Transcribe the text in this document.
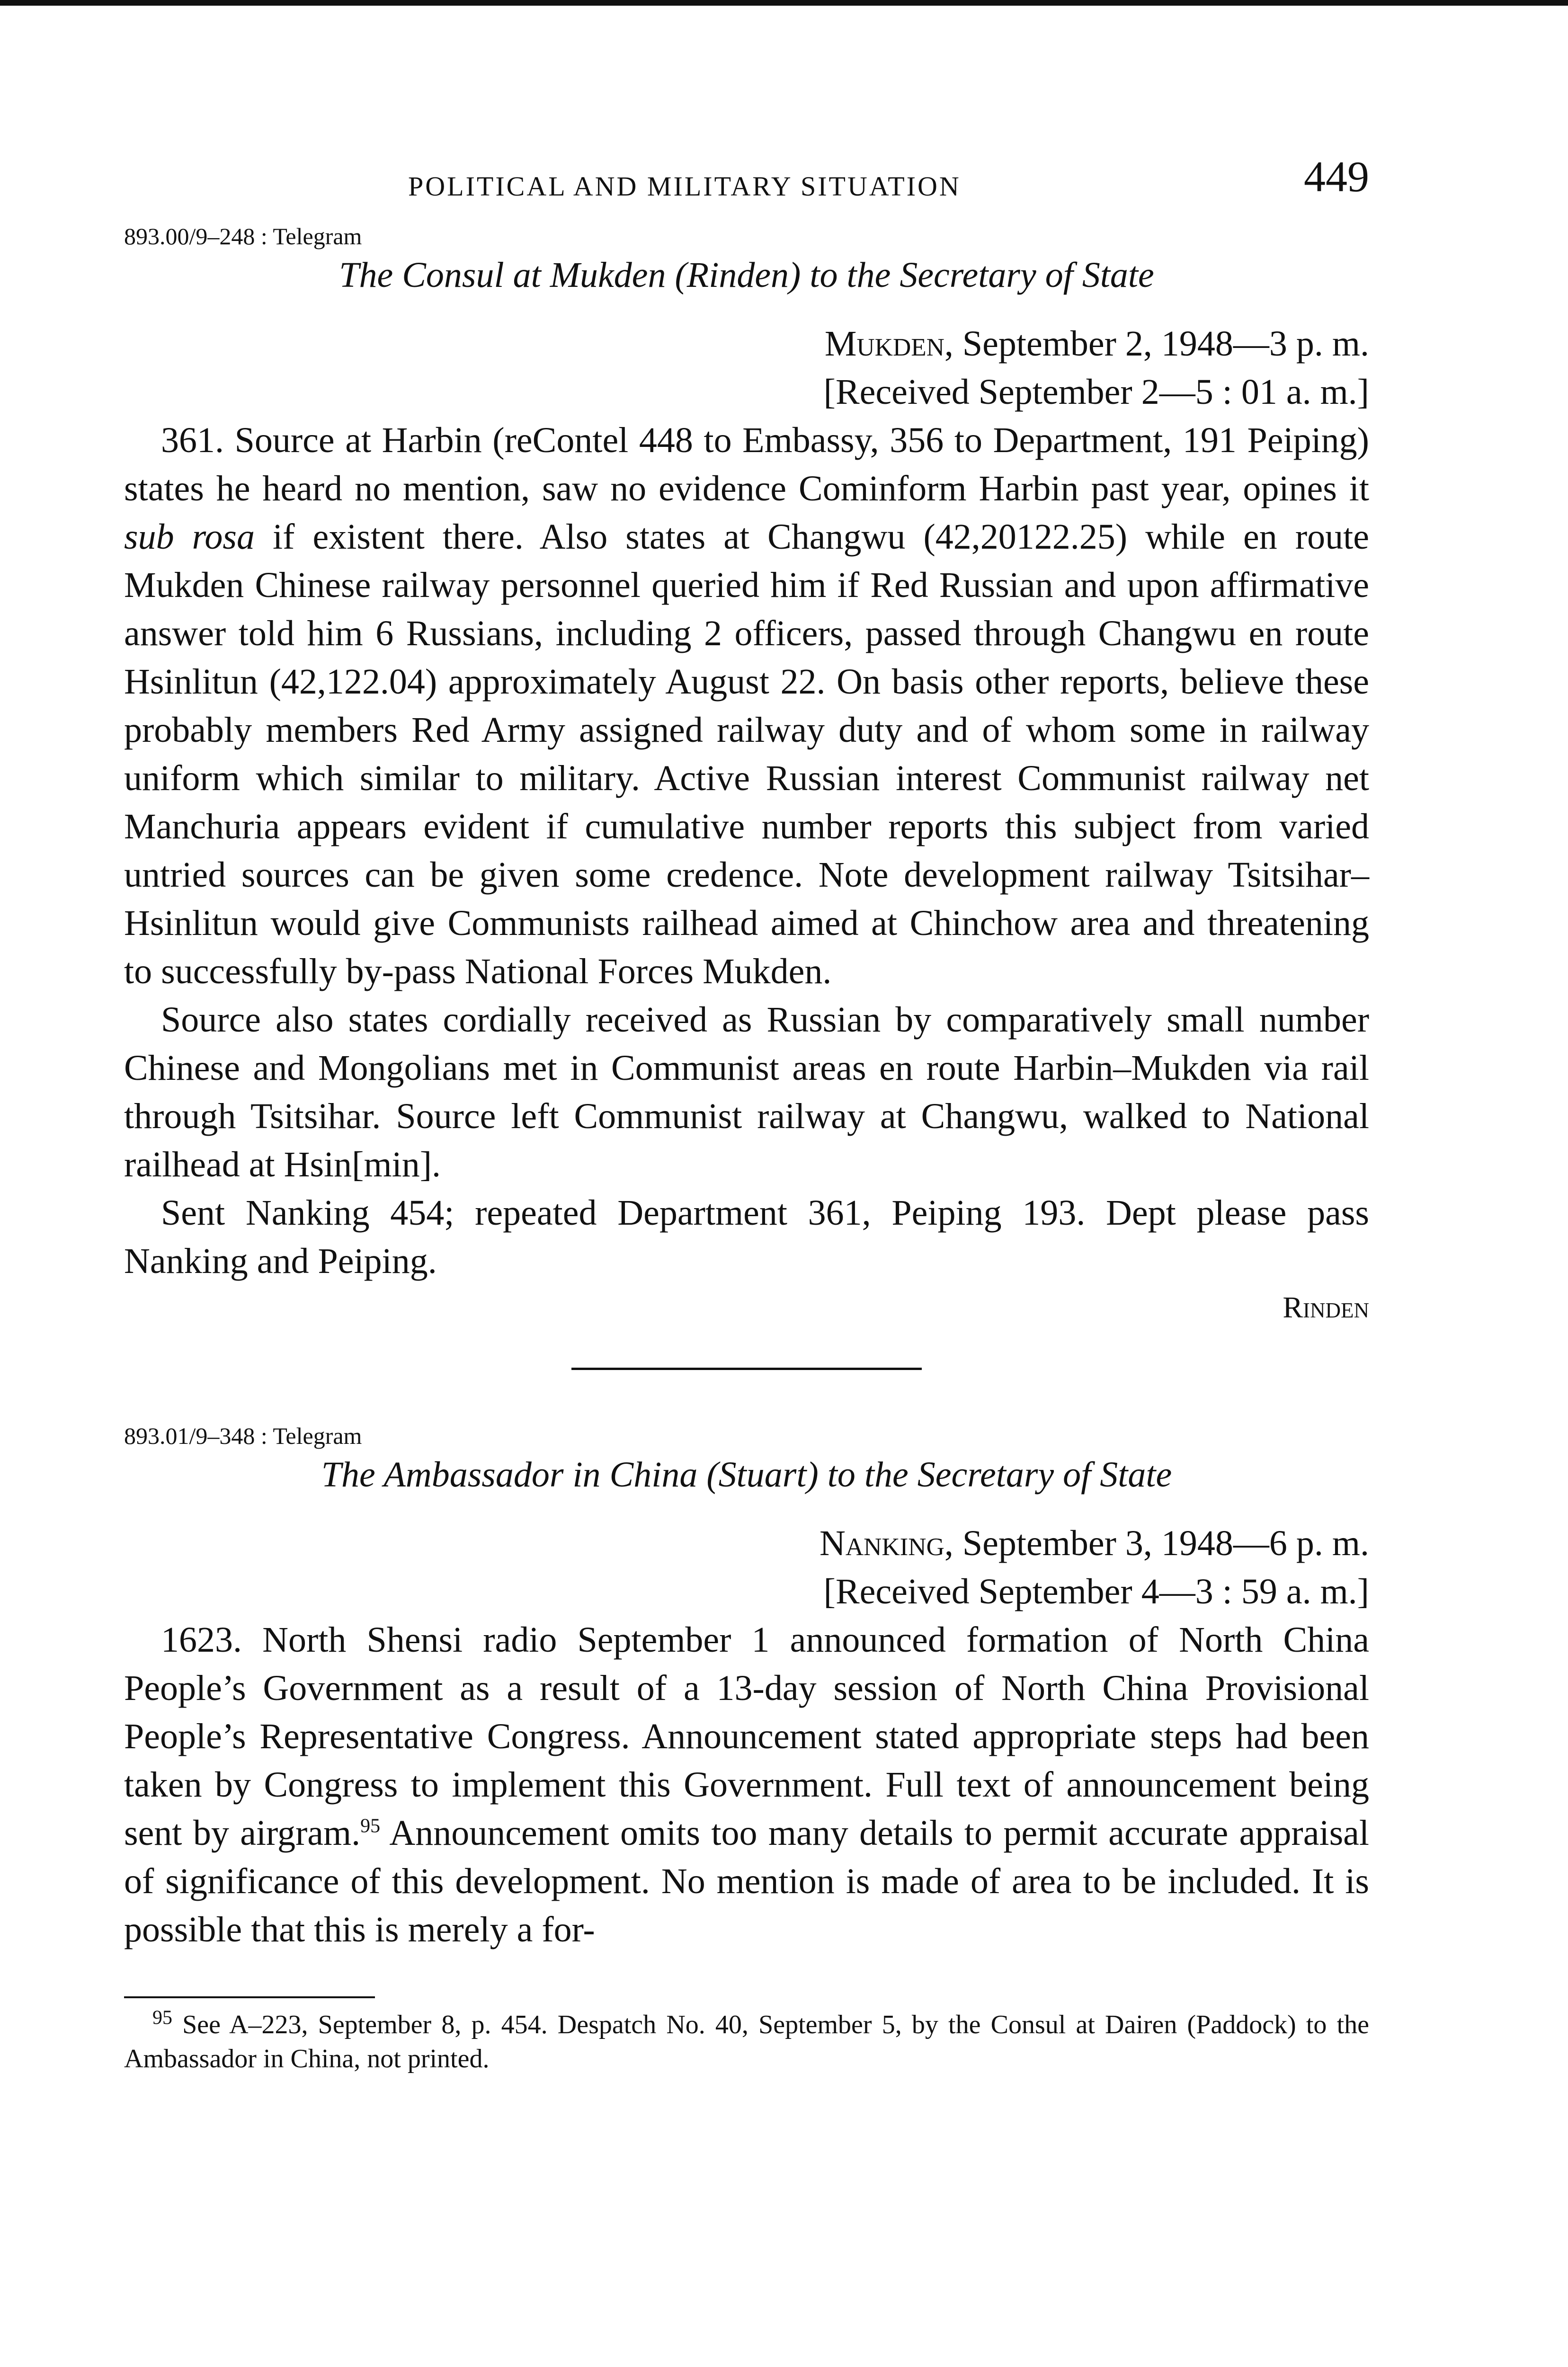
POLITICAL AND MILITARY SITUATION	449
893.00/9–248 : Telegram
The Consul at Mukden (Rinden) to the Secretary of State
Mukden, September 2, 1948—3 p. m.
[Received September 2—5 : 01 a. m.]

361. Source at Harbin (reContel 448 to Embassy, 356 to Department, 191 Peiping) states he heard no mention, saw no evidence Cominform Harbin past year, opines it sub rosa if existent there. Also states at Changwu (42,20122.25) while en route Mukden Chinese railway personnel queried him if Red Russian and upon affirmative answer told him 6 Russians, including 2 officers, passed through Changwu en route Hsinlitun (42,122.04) approximately August 22. On basis other reports, believe these probably members Red Army assigned railway duty and of whom some in railway uniform which similar to military. Active Russian interest Communist railway net Manchuria appears evident if cumulative number reports this subject from varied untried sources can be given some credence. Note development railway Tsitsihar–Hsinlitun would give Communists railhead aimed at Chinchow area and threatening to successfully by-pass National Forces Mukden.

Source also states cordially received as Russian by comparatively small number Chinese and Mongolians met in Communist areas en route Harbin–Mukden via rail through Tsitsihar. Source left Communist railway at Changwu, walked to National railhead at Hsin[min].

Sent Nanking 454; repeated Department 361, Peiping 193. Dept please pass Nanking and Peiping.

Rinden
893.01/9–348 : Telegram
The Ambassador in China (Stuart) to the Secretary of State
Nanking, September 3, 1948—6 p. m.
[Received September 4—3 : 59 a. m.]

1623. North Shensi radio September 1 announced formation of North China People’s Government as a result of a 13-day session of North China Provisional People’s Representative Congress. Announcement stated appropriate steps had been taken by Congress to implement this Government. Full text of announcement being sent by airgram.$^{95}$ Announcement omits too many details to permit accurate appraisal of significance of this development. No mention is made of area to be included. It is possible that this is merely a for-

$^{95}$ See A–223, September 8, p. 454. Despatch No. 40, September 5, by the Consul at Dairen (Paddock) to the Ambassador in China, not printed.
